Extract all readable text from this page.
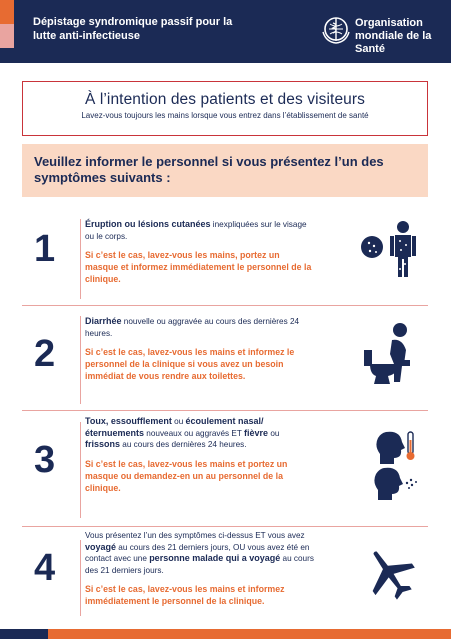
Dépistage syndromique passif pour la lutte anti-infectieuse
Organisation mondiale de la Santé
À l’intention des patients et des visiteurs

Lavez-vous toujours les mains lorsque vous entrez dans l’établissement de santé

Veuillez informer le personnel si vous présentez l’un des symptômes suivants :

1
Éruption ou lésions cutanées inexpliquées sur le visage ou le corps.
Si c’est le cas, lavez-vous les mains, portez un masque et informez immédiatement le personnel de la clinique.
2
Diarrhée nouvelle ou aggravée au cours des dernières 24 heures.
Si c’est le cas, lavez-vous les mains et informez le personnel de la clinique si vous avez un besoin immédiat de vous rendre aux toilettes.
3
Toux, essoufflement ou écoulement nasal/éternuements nouveaux ou aggravés ET fièvre ou frissons au cours des dernières 24 heures.
Si c’est le cas, lavez-vous les mains et portez un masque ou demandez-en un au personnel de la clinique.
4
Vous présentez l’un des symptômes ci-dessus ET vous avez voyagé au cours des 21 derniers jours, OU vous avez été en contact avec une personne malade qui a voyagé au cours des 21 derniers jours.
Si c’est le cas, lavez-vous les mains et informez immédiatement le personnel de la clinique.
